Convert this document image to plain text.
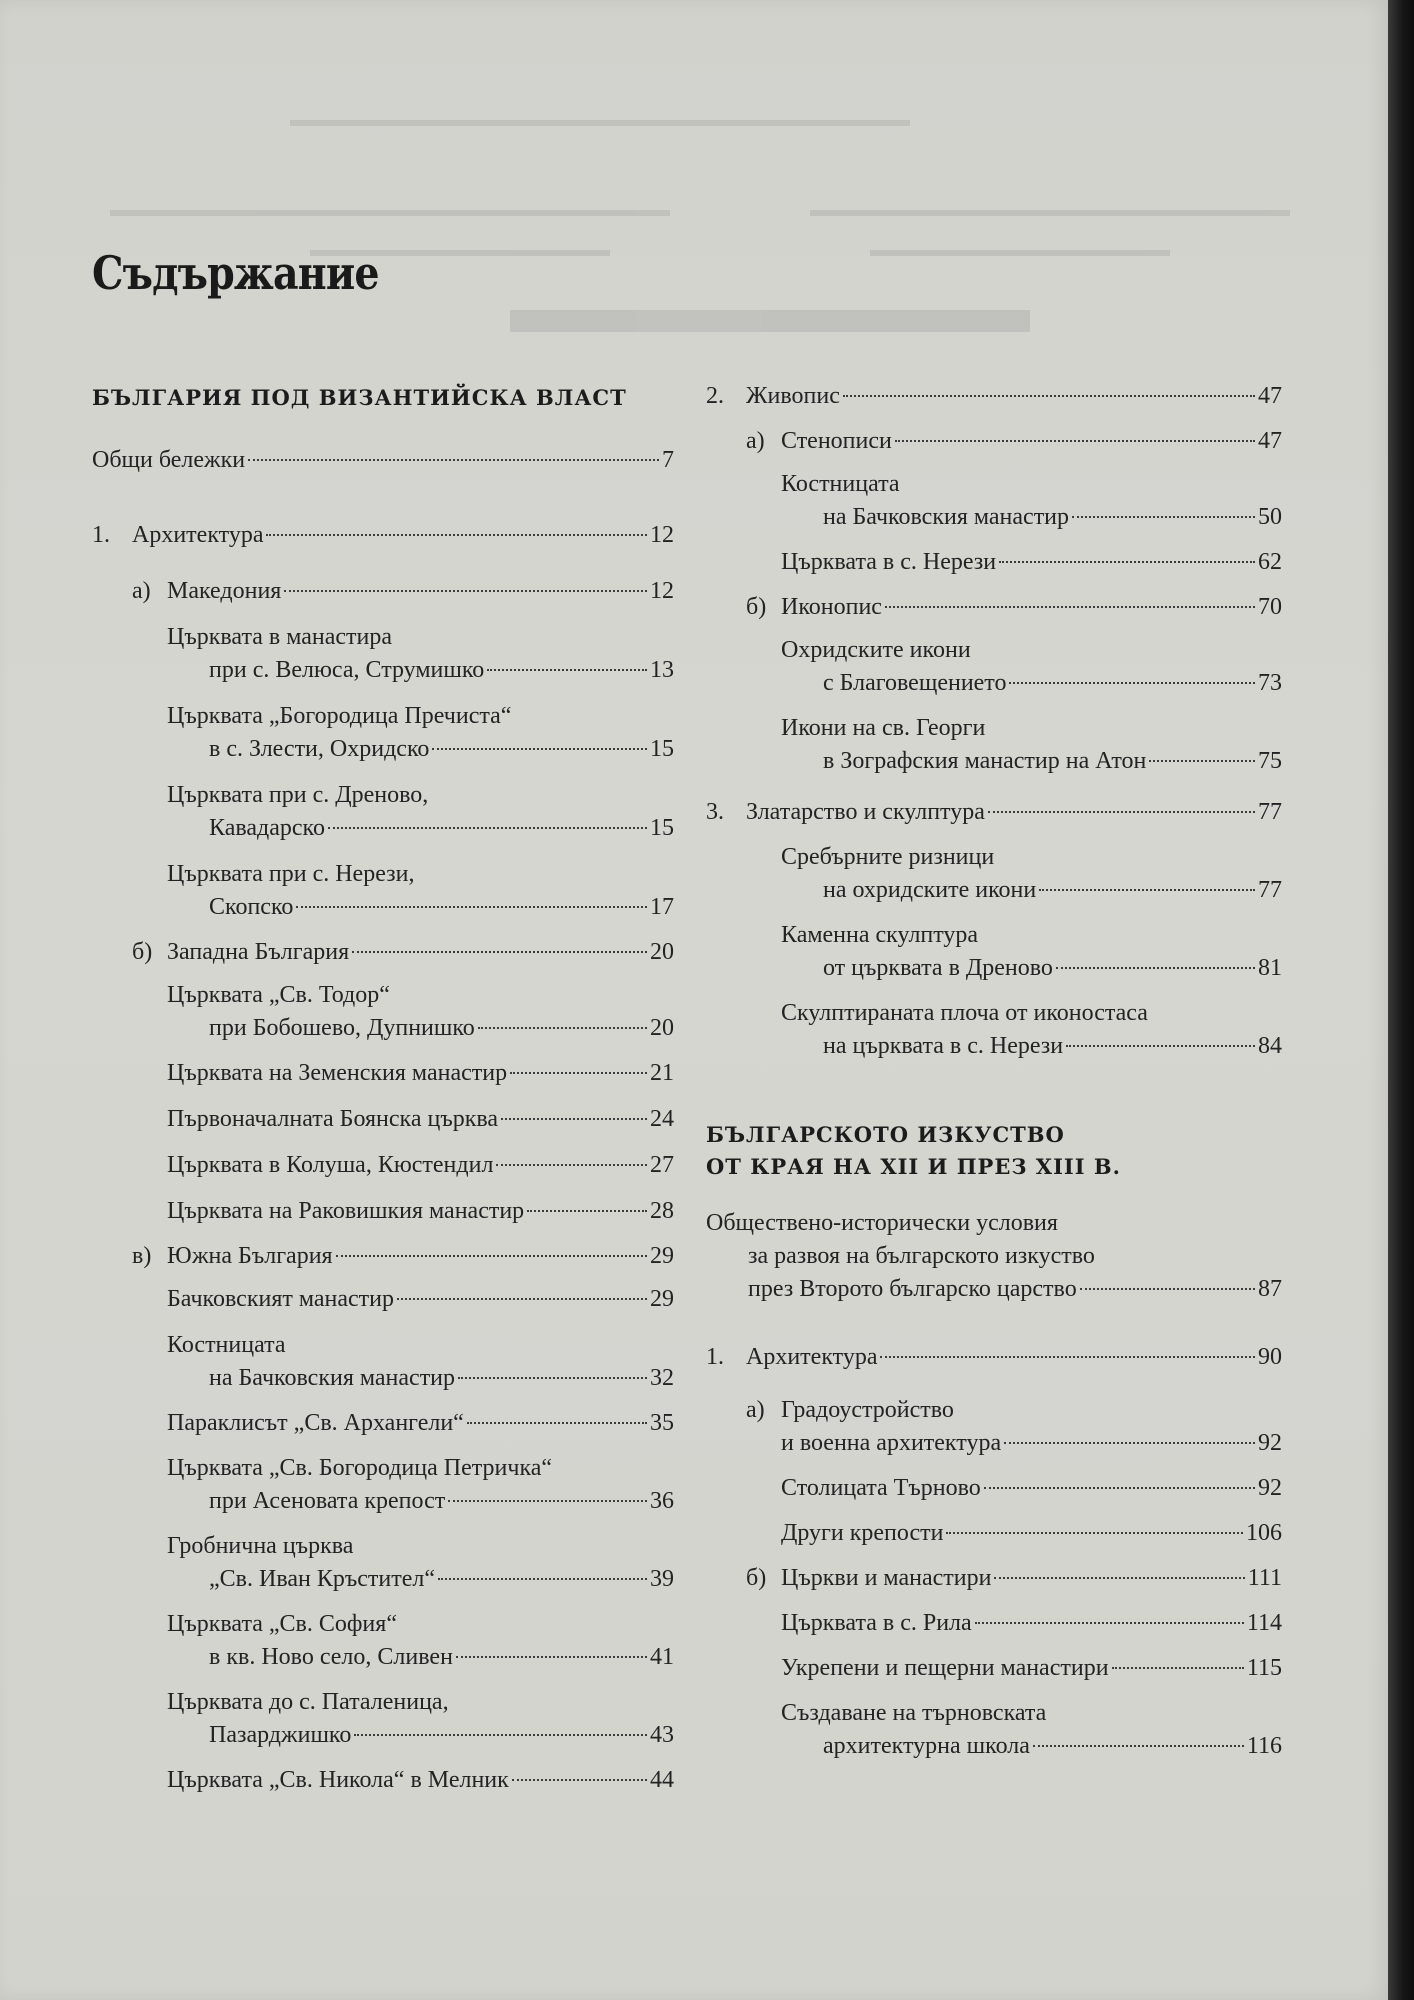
Съдържание
БЪЛГАРИЯ ПОД ВИЗАНТИЙСКА ВЛАСТ
Общи бележки	7
1. Архитектура	12
а) Македония	12
Църквата в манастира
при с. Велюса, Струмишко	13
Църквата „Богородица Пречиста“
в с. Злести, Охридско	15
Църквата при с. Дреново,
Кавадарско	15
Църквата при с. Нерези,
Скопско	17
б) Западна България	20
Църквата „Св. Тодор“
при Бобошево, Дупнишко	20
Църквата на Земенския манастир	21
Първоначалната Боянска църква	24
Църквата в Колуша, Кюстендил	27
Църквата на Раковишкия манастир	28
в) Южна България	29
Бачковският манастир	29
Костницата
на Бачковския манастир	32
Параклисът „Св. Архангели“	35
Църквата „Св. Богородица Петричка“
при Асеновата крепост	36
Гробнична църква
„Св. Иван Кръстител“	39
Църквата „Св. София“
в кв. Ново село, Сливен	41
Църквата до с. Паталеница,
Пазарджишко	43
Църквата „Св. Никола“ в Мелник	44
2. Живопис	47
а) Стенописи	47
Костницата
на Бачковския манастир	50
Църквата в с. Нерези	62
б) Иконопис	70
Охридските икони
с Благовещението	73
Икони на св. Георги
в Зографския манастир на Атон	75
3. Златарство и скулптура	77
Сребърните ризници
на охридските икони	77
Каменна скулптура
от църквата в Дреново	81
Скулптираната плоча от иконостаса
на църквата в с. Нерези	84
БЪЛГАРСКОТО ИЗКУСТВО
ОТ КРАЯ НА XII И ПРЕЗ XIII В.
Обществено-исторически условия
за развоя на българското изкуство
през Второто българско царство	87
1. Архитектура	90
а) Градоустройство
и военна архитектура	92
Столицата Търново	92
Други крепости	106
б) Църкви и манастири	111
Църквата в с. Рила	114
Укрепени и пещерни манастири	115
Създаване на търновската
архитектурна школа	116
